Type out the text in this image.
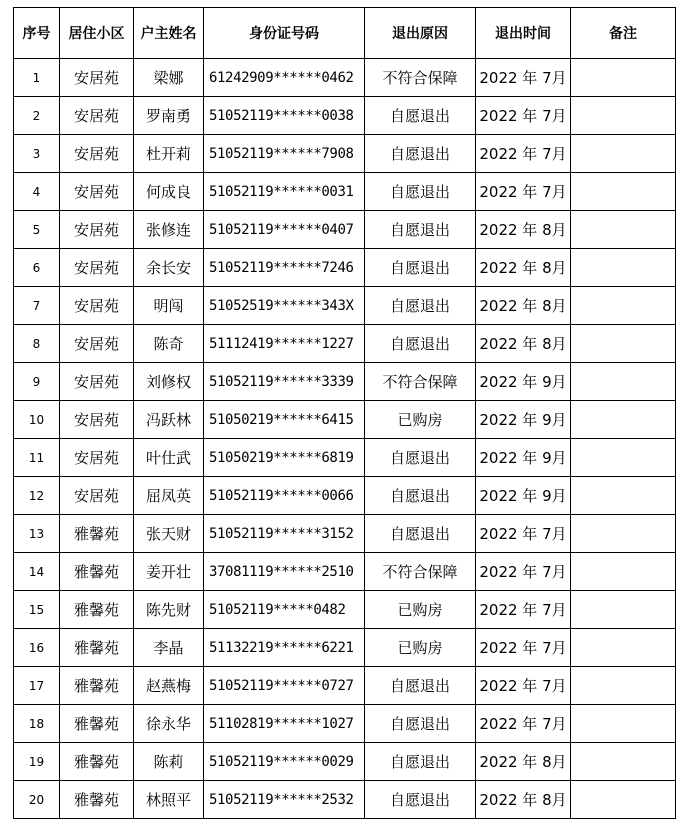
序号	居住小区	户主姓名	身份证号码	退出原因	退出时间	备注
1	安居苑	梁娜	61242909******0462	不符合保障	2022 年 7月	
2	安居苑	罗南勇	51052119******0038	自愿退出	2022 年 7月	
3	安居苑	杜开莉	51052119******7908	自愿退出	2022 年 7月	
4	安居苑	何成良	51052119******0031	自愿退出	2022 年 7月	
5	安居苑	张修连	51052119******0407	自愿退出	2022 年 8月	
6	安居苑	余长安	51052119******7246	自愿退出	2022 年 8月	
7	安居苑	明闯	51052519******343X	自愿退出	2022 年 8月	
8	安居苑	陈奇	51112419******1227	自愿退出	2022 年 8月	
9	安居苑	刘修权	51052119******3339	不符合保障	2022 年 9月	
10	安居苑	冯跃林	51050219******6415	已购房	2022 年 9月	
11	安居苑	叶仕武	51050219******6819	自愿退出	2022 年 9月	
12	安居苑	屈凤英	51052119******0066	自愿退出	2022 年 9月	
13	雅馨苑	张天财	51052119******3152	自愿退出	2022 年 7月	
14	雅馨苑	姜开壮	37081119******2510	不符合保障	2022 年 7月	
15	雅馨苑	陈先财	51052119*****0482	已购房	2022 年 7月	
16	雅馨苑	李晶	51132219******6221	已购房	2022 年 7月	
17	雅馨苑	赵燕梅	51052119******0727	自愿退出	2022 年 7月	
18	雅馨苑	徐永华	51102819******1027	自愿退出	2022 年 7月	
19	雅馨苑	陈莉	51052119******0029	自愿退出	2022 年 8月	
20	雅馨苑	林照平	51052119******2532	自愿退出	2022 年 8月	
